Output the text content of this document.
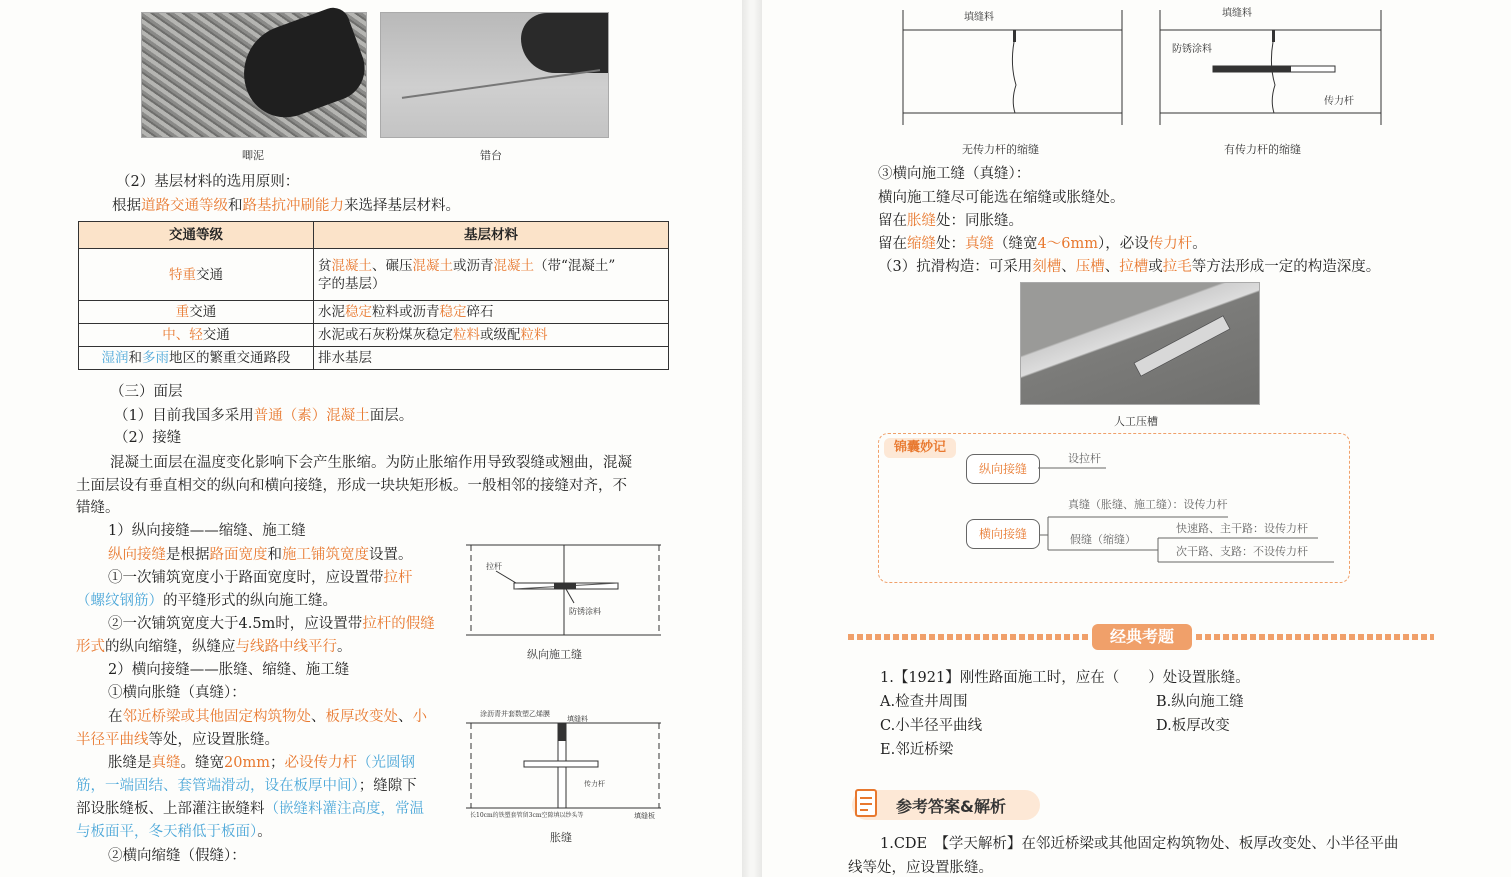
唧泥	错台
（2）基层材料的选用原则：
根据道路交通等级和路基抗冲刷能力来选择基层材料。
交通等级	基层材料
特重交通	贫混凝土、碾压混凝土或沥青混凝土（带“混凝土”
字的基层）
重交通	水泥稳定粒料或沥青稳定碎石
中、轻交通	水泥或石灰粉煤灰稳定粒料或级配粒料
湿润和多雨地区的繁重交通路段	排水基层
（三）面层
（1）目前我国多采用普通（素）混凝土面层。
（2）接缝
混凝土面层在温度变化影响下会产生胀缩。为防止胀缩作用导致裂缝或翘曲，混凝
土面层设有垂直相交的纵向和横向接缝，形成一块块矩形板。一般相邻的接缝对齐，不
错缝。
1）纵向接缝——缩缝、施工缝
纵向接缝是根据路面宽度和施工铺筑宽度设置。
①一次铺筑宽度小于路面宽度时，应设置带拉杆
（螺纹钢筋）的平缝形式的纵向施工缝。
②一次铺筑宽度大于4.5m时，应设置带拉杆的假缝
形式的纵向缩缝，纵缝应与线路中线平行。
2）横向接缝——胀缝、缩缝、施工缝
①横向胀缝（真缝）：
在邻近桥梁或其他固定构筑物处、板厚改变处、小
半径平曲线等处，应设置胀缝。
胀缝是真缝。缝宽20mm；必设传力杆（光圆钢
筋，一端固结、套管端滑动，设在板厚中间）；缝隙下
部设胀缝板、上部灌注嵌缝料（嵌缝料灌注高度，常温
与板面平，冬天稍低于板面）。
②横向缩缝（假缝）：
拉杆
防锈涂料
纵向施工缝
涂沥青并套数塑乙烯膜
填缝料
传力杆
长10cm的铁塑套管留3cm空隙填以纱头等	填缝板
胀缝
填缝料
无传力杆的缩缝
填缝料
防锈涂料
传力杆
有传力杆的缩缝
③横向施工缝（真缝）：
横向施工缝尽可能选在缩缝或胀缝处。
留在胀缝处：同胀缝。
留在缩缝处：真缝（缝宽4～6mm），必设传力杆。
（3）抗滑构造：可采用刻槽、压槽、拉槽或拉毛等方法形成一定的构造深度。
人工压槽
锦囊妙记
纵向接缝
设拉杆
横向接缝
真缝（胀缝、施工缝）：设传力杆
假缝（缩缝）
快速路、主干路：设传力杆
次干路、支路：不设传力杆
经典考题
1.【1921】刚性路面施工时，应在（　　）处设置胀缝。
A.检查井周围	B.纵向施工缝
C.小半径平曲线	D.板厚改变
E.邻近桥梁
参考答案&解析
1.CDE　【学天解析】在邻近桥梁或其他固定构筑物处、板厚改变处、小半径平曲
线等处，应设置胀缝。
